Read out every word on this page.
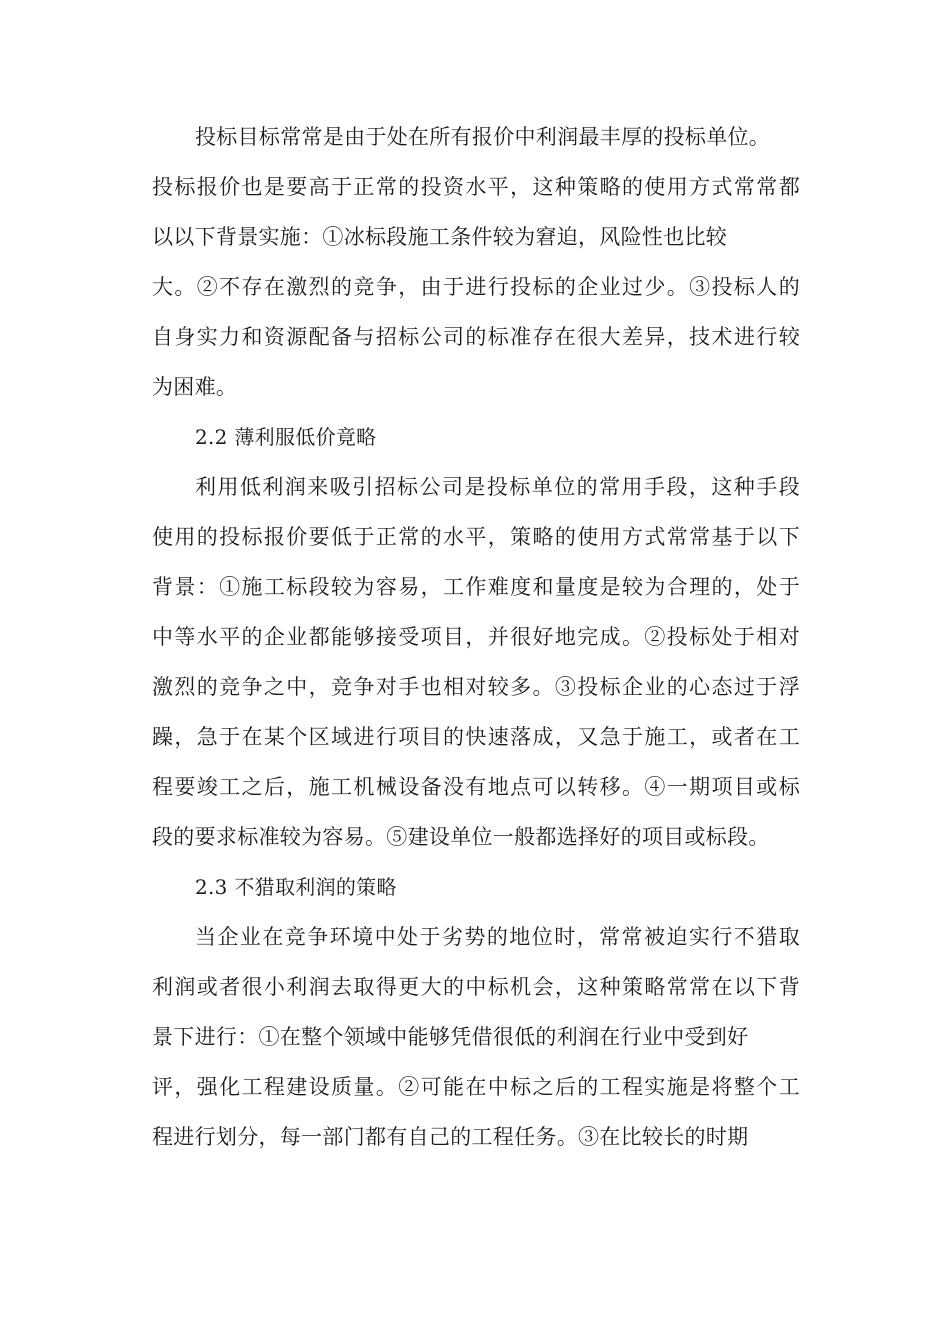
投标目标常常是由于处在所有报价中利润最丰厚的投标单位。
投标报价也是要高于正常的投资水平，这种策略的使用方式常常都
以以下背景实施：①冰标段施工条件较为窘迫，风险性也比较
大。②不存在激烈的竞争，由于进行投标的企业过少。③投标人的
自身实力和资源配备与招标公司的标准存在很大差异，技术进行较
为困难。
2.2 薄利服低价竟略
利用低利润来吸引招标公司是投标单位的常用手段，这种手段
使用的投标报价要低于正常的水平，策略的使用方式常常基于以下
背景：①施工标段较为容易，工作难度和量度是较为合理的，处于
中等水平的企业都能够接受项目，并很好地完成。②投标处于相对
激烈的竞争之中，竞争对手也相对较多。③投标企业的心态过于浮
躁，急于在某个区域进行项目的快速落成，又急于施工，或者在工
程要竣工之后，施工机械设备没有地点可以转移。④一期项目或标
段的要求标准较为容易。⑤建设单位一般都选择好的项目或标段。
2.3 不猎取利润的策略
当企业在竞争环境中处于劣势的地位时，常常被迫实行不猎取
利润或者很小利润去取得更大的中标机会，这种策略常常在以下背
景下进行：①在整个领域中能够凭借很低的利润在行业中受到好
评，强化工程建设质量。②可能在中标之后的工程实施是将整个工
程进行划分，每一部门都有自己的工程任务。③在比较长的时期
